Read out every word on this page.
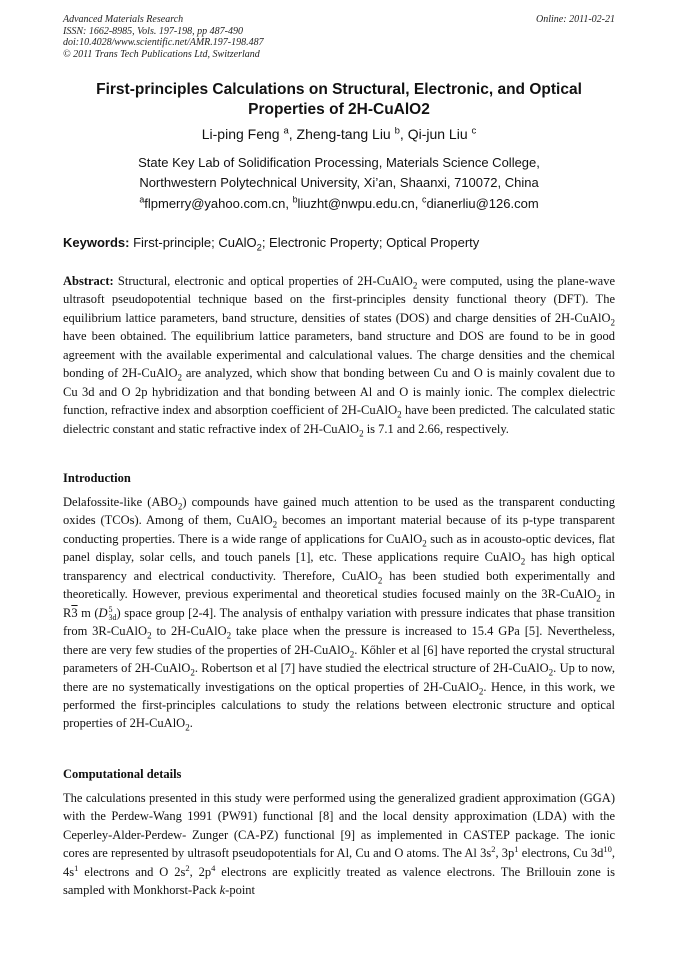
Advanced Materials Research
ISSN: 1662-8985, Vols. 197-198, pp 487-490
doi:10.4028/www.scientific.net/AMR.197-198.487
© 2011 Trans Tech Publications Ltd, Switzerland
Online: 2011-02-21
First-principles Calculations on Structural, Electronic, and Optical
Properties of 2H-CuAlO2
Li-ping Feng $^a$, Zheng-tang Liu $^b$, Qi-jun Liu $^c$
State Key Lab of Solidification Processing, Materials Science College,
Northwestern Polytechnical University, Xi’an, Shaanxi, 710072, China
$^a$flpmerry@yahoo.com.cn, $^b$liuzht@nwpu.edu.cn, $^c$dianerliu@126.com
Keywords: First-principle; CuAlO$_2$; Electronic Property; Optical Property
Abstract: Structural, electronic and optical properties of 2H-CuAlO$_2$ were computed, using the plane-wave ultrasoft pseudopotential technique based on the first-principles density functional theory (DFT). The equilibrium lattice parameters, band structure, densities of states (DOS) and charge densities of 2H-CuAlO$_2$ have been obtained. The equilibrium lattice parameters, band structure and DOS are found to be in good agreement with the available experimental and calculational values. The charge densities and the chemical bonding of 2H-CuAlO$_2$ are analyzed, which show that bonding between Cu and O is mainly covalent due to Cu 3d and O 2p hybridization and that bonding between Al and O is mainly ionic. The complex dielectric function, refractive index and absorption coefficient of 2H-CuAlO$_2$ have been predicted. The calculated static dielectric constant and static refractive index of 2H-CuAlO$_2$ is 7.1 and 2.66, respectively.
Introduction
Delafossite-like $(ABO_2)$ compounds have gained much attention to be used as the transparent conducting oxides (TCOs). Among of them, CuAlO$_2$ becomes an important material because of its p-type transparent conducting properties. There is a wide range of applications for CuAlO$_2$ such as in acousto-optic devices, flat panel display, solar cells, and touch panels [1], etc. These applications require CuAlO$_2$ has high optical transparency and electrical conductivity. Therefore, CuAlO$_2$ has been studied both experimentally and theoretically. However, previous experimental and theoretical studies focused mainly on the 3R-CuAlO$_2$ in R3 m (D 5
3d ) space group [2-4]. The analysis of enthalpy variation with pressure indicates that phase transition from 3R-CuAlO$_2$ to 2H-CuAlO$_2$ take place when the pressure is increased to 15.4 GPa [5]. Nevertheless, there are very few studies of the properties of 2H-CuAlO$_2$. Kőhler et al [6] have reported the crystal structural parameters of 2H-CuAlO$_2$. Robertson et al [7] have studied the electrical structure of 2H-CuAlO$_2$. Up to now, there are no systematically investigations on the optical properties of 2H-CuAlO$_2$. Hence, in this work, we performed the first-principles calculations to study the relations between electronic structure and optical properties of 2H-CuAlO$_2$.
Computational details
The calculations presented in this study were performed using the generalized gradient approximation (GGA) with the Perdew-Wang 1991 (PW91) functional [8] and the local density approximation (LDA) with the Ceperley-Alder-Perdew- Zunger (CA-PZ) functional [9] as implemented in CASTEP package. The ionic cores are represented by ultrasoft pseudopotentials for Al, Cu and O atoms. The Al $3s^2$, $3p^1$ electrons, Cu $3d^{10}$, $4s^1$ electrons and O $2s^2$, $2p^4$ electrons are explicitly treated as valence electrons. The Brillouin zone is sampled with Monkhorst-Pack k-point
